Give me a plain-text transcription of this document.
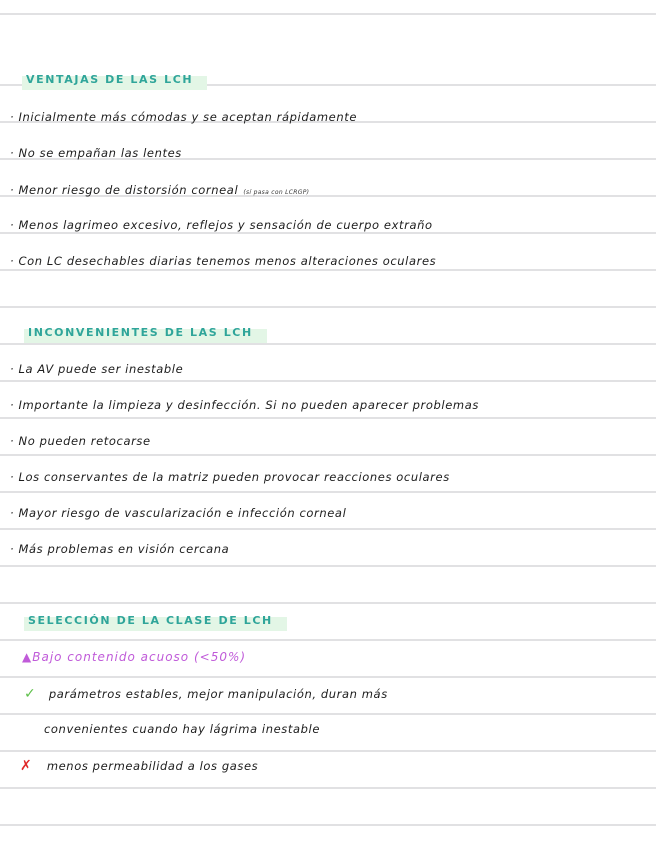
VENTAJAS DE LAS LCH
· Inicialmente más cómodas y se aceptan rápidamente
· No se empañan las lentes
· Menor riesgo de distorsión corneal (sí pasa con LCRGP)
· Menos lagrimeo excesivo, reflejos y sensación de cuerpo extraño
· Con LC desechables diarias tenemos menos alteraciones oculares
INCONVENIENTES DE LAS LCH
· La AV puede ser inestable
· Importante la limpieza y desinfección. Si no pueden aparecer problemas
· No pueden retocarse
· Los conservantes de la matriz pueden provocar reacciones oculares
· Mayor riesgo de vascularización e infección corneal
· Más problemas en visión cercana
SELECCIÓN DE LA CLASE DE LCH
▲Bajo contenido acuoso (<50%)
✓ parámetros estables, mejor manipulación, duran más
convenientes cuando hay lágrima inestable
✗ menos permeabilidad a los gases
